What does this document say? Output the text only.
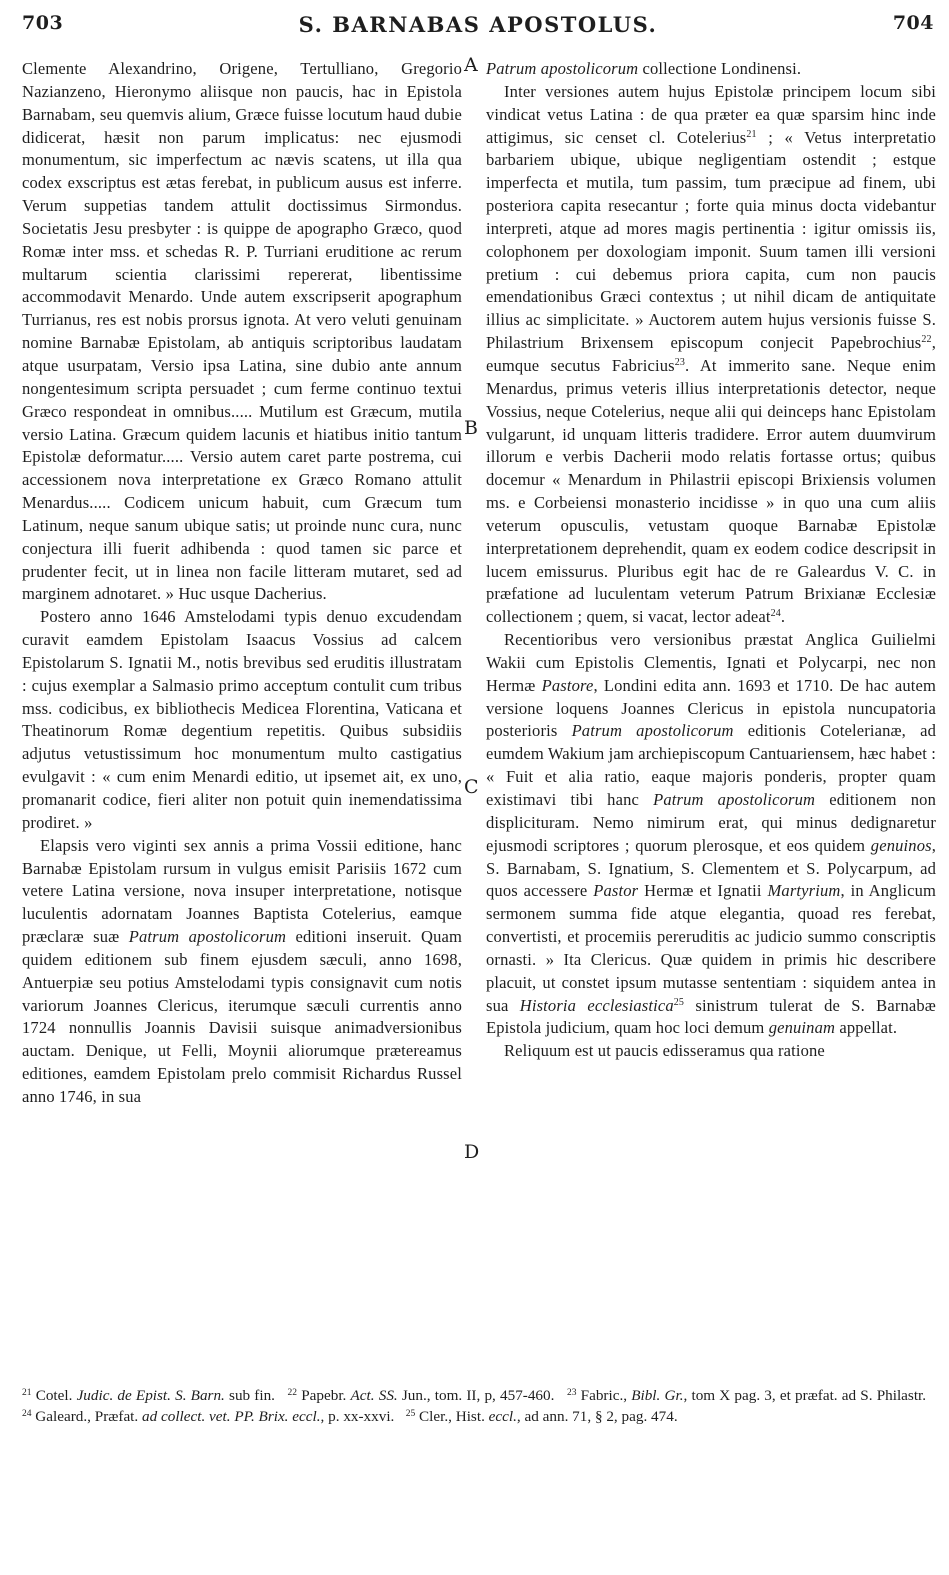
703	S. BARNABAS APOSTOLUS.	704

Clemente Alexandrino, Origene, Tertulliano, Gregorio Nazianzeno, Hieronymo aliisque non paucis, hac in Epistola Barnabam, seu quemvis alium, Græce fuisse locutum haud dubie didicerat, hæsit non parum implicatus: nec ejusmodi monumentum, sic imperfectum ac nævis scatens, ut illa qua codex exscriptus est ætas ferebat, in publicum ausus est inferre. Verum suppetias tandem attulit doctissimus Sirmondus. Societatis Jesu presbyter : is quippe de apographo Græco, quod Romæ inter mss. et schedas R. P. Turriani eruditione ac rerum multarum scientia clarissimi repererat, libentissime accommodavit Menardo. Unde autem exscripserit apographum Turrianus, res est nobis prorsus ignota. At vero veluti genuinam nomine Barnabæ Epistolam, ab antiquis scriptoribus laudatam atque usurpatam, Versio ipsa Latina, sine dubio ante annum nongentesimum scripta persuadet ; cum ferme continuo textui Græco respondeat in omnibus..... Mutilum est Græcum, mutila versio Latina. Græcum quidem lacunis et hiatibus initio tantum Epistolæ deformatur..... Versio autem caret parte postrema, cui accessionem nova interpretatione ex Græco Romano attulit Menardus..... Codicem unicum habuit, cum Græcum tum Latinum, neque sanum ubique satis; ut proinde nunc cura, nunc conjectura illi fuerit adhibenda : quod tamen sic parce et prudenter fecit, ut in linea non facile litteram mutaret, sed ad marginem adnotaret. » Huc usque Dacherius.

Postero anno 1646 Amstelodami typis denuo excudendam curavit eamdem Epistolam Isaacus Vossius ad calcem Epistolarum S. Ignatii M., notis brevibus sed eruditis illustratam : cujus exemplar a Salmasio primo acceptum contulit cum tribus mss. codicibus, ex bibliothecis Medicea Florentina, Vaticana et Theatinorum Romæ degentium repetitis. Quibus subsidiis adjutus vetustissimum hoc monumentum multo castigatius evulgavit : « cum enim Menardi editio, ut ipsemet ait, ex uno, promanarit codice, fieri aliter non potuit quin inemendatissima prodiret. »

Elapsis vero viginti sex annis a prima Vossii editione, hanc Barnabæ Epistolam rursum in vulgus emisit Parisiis 1672 cum vetere Latina versione, nova insuper interpretatione, notisque luculentis adornatam Joannes Baptista Cotelerius, eamque præclaræ suæ Patrum apostolicorum editioni inseruit. Quam quidem editionem sub finem ejusdem sæculi, anno 1698, Antuerpiæ seu potius Amstelodami typis consignavit cum notis variorum Joannes Clericus, iterumque sæculi currentis anno 1724 nonnullis Joannis Davisii suisque animadversionibus auctam. Denique, ut Felli, Moynii aliorumque prætereamus editiones, eamdem Epistolam prelo commisit Richardus Russel anno 1746, in sua

A
B
C
D

Patrum apostolicorum collectione Londinensi.

Inter versiones autem hujus Epistolæ principem locum sibi vindicat vetus Latina : de qua præter ea quæ sparsim hinc inde attigimus, sic censet cl. Cotelerius$^{21}$ ; « Vetus interpretatio barbariem ubique, ubique negligentiam ostendit ; estque imperfecta et mutila, tum passim, tum præcipue ad finem, ubi posteriora capita resecantur ; forte quia minus docta videbantur interpreti, atque ad mores magis pertinentia : igitur omissis iis, colophonem per doxologiam imponit. Suum tamen illi versioni pretium : cui debemus priora capita, cum non paucis emendationibus Græci contextus ; ut nihil dicam de antiquitate illius ac simplicitate. » Auctorem autem hujus versionis fuisse S. Philastrium Brixensem episcopum conjecit Papebrochius$^{22}$, eumque secutus Fabricius$^{23}$. At immerito sane. Neque enim Menardus, primus veteris illius interpretationis detector, neque Vossius, neque Cotelerius, neque alii qui deinceps hanc Epistolam vulgarunt, id unquam litteris tradidere. Error autem duumvirum illorum e verbis Dacherii modo relatis fortasse ortus; quibus docemur « Menardum in Philastrii episcopi Brixiensis volumen ms. e Corbeiensi monasterio incidisse » in quo una cum aliis veterum opusculis, vetustam quoque Barnabæ Epistolæ interpretationem deprehendit, quam ex eodem codice descripsit in lucem emissurus. Pluribus egit hac de re Galeardus V. C. in præfatione ad luculentam veterum Patrum Brixianæ Ecclesiæ collectionem ; quem, si vacat, lector adeat$^{24}$.

Recentioribus vero versionibus præstat Anglica Guilielmi Wakii cum Epistolis Clementis, Ignati et Polycarpi, nec non Hermæ Pastore, Londini edita ann. 1693 et 1710. De hac autem versione loquens Joannes Clericus in epistola nuncupatoria posterioris Patrum apostolicorum editionis Coteleriаnæ, ad eumdem Wakium jam archiepiscopum Cantuariensem, hæc habet : « Fuit et alia ratio, eaque majoris ponderis, propter quam existimavi tibi hanc Patrum apostolicorum editionem non displicituram. Nemo nimirum erat, qui minus dedignaretur ejusmodi scriptores ; quorum plerosque, et eos quidem genuinos, S. Barnabam, S. Ignatium, S. Clementem et S. Polycarpum, ad quos accessere Pastor Hermæ et Ignatii Martyrium, in Anglicum sermonem summa fide atque elegantia, quoad res ferebat, convertisti, et procemiis pereruditis ac judicio summo conscriptis ornasti. » Ita Clericus. Quæ quidem in primis hic describere placuit, ut constet ipsum mutasse sententiam : siquidem antea in sua Historia ecclesiastica$^{25}$ sinistrum tulerat de S. Barnabæ Epistola judicium, quam hoc loci demum genuinam appellat.

Reliquum est ut paucis edisseramus qua ratione

$^{21}$ Cotel. Judic. de Epist. S. Barn. sub fin. $^{22}$ Papebr. Act. SS. Jun., tom. II, p, 457-460. $^{23}$ Fabric., Bibl. Gr., tom X pag. 3, et præfat. ad S. Philastr.   $^{24}$ Galeard., Præfat. ad collect. vet. PP. Brix. eccl., p. xx-xxvi. $^{25}$ Cler., Hist. eccl., ad ann. 71, § 2, pag. 474.
